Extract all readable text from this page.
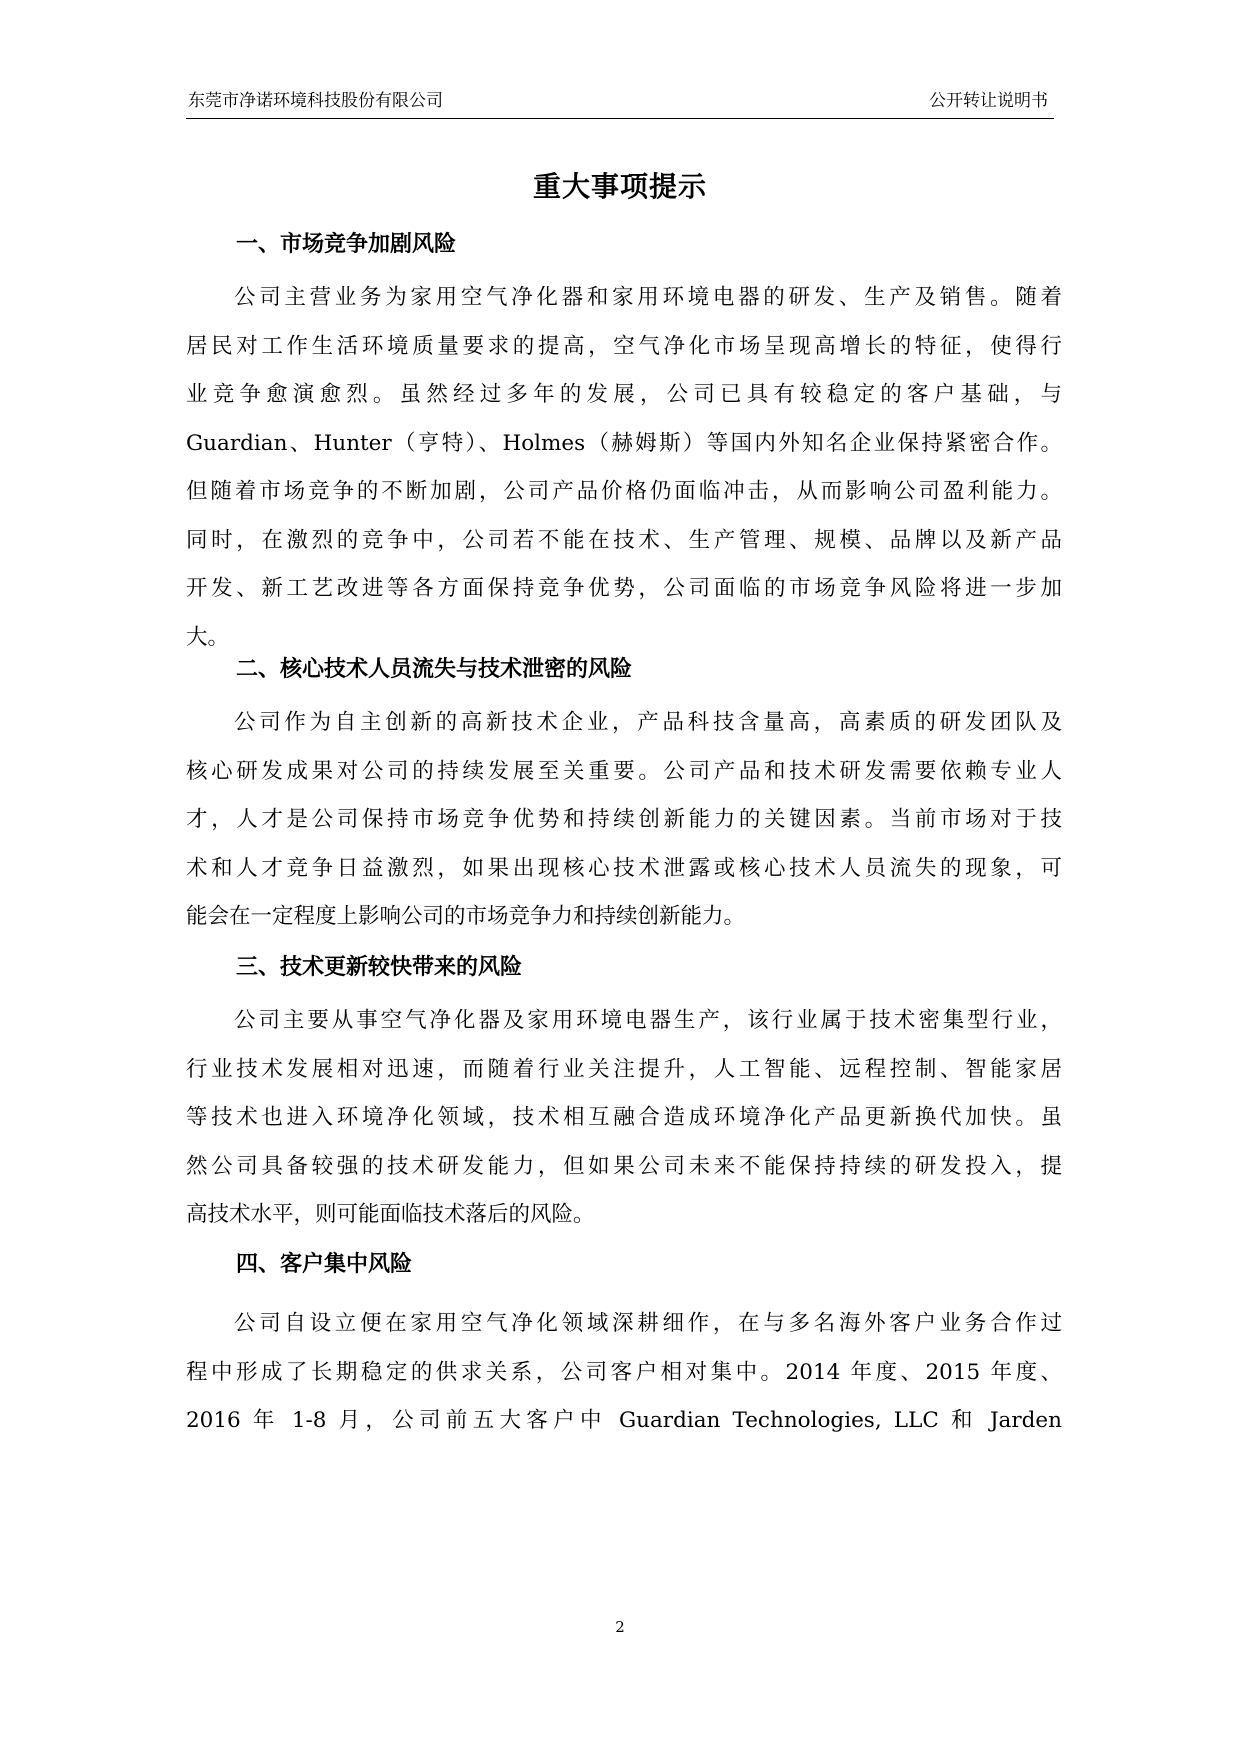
东莞市净诺环境科技股份有限公司	公开转让说明书
重大事项提示
一、市场竞争加剧风险
公司主营业务为家用空气净化器和家用环境电器的研发、生产及销售。随着
居民对工作生活环境质量要求的提高，空气净化市场呈现高增长的特征，使得行
业竞争愈演愈烈。虽然经过多年的发展，公司已具有较稳定的客户基础，与
Guardian、Hunter（亨特）、Holmes（赫姆斯）等国内外知名企业保持紧密合作。
但随着市场竞争的不断加剧，公司产品价格仍面临冲击，从而影响公司盈利能力。
同时，在激烈的竞争中，公司若不能在技术、生产管理、规模、品牌以及新产品
开发、新工艺改进等各方面保持竞争优势，公司面临的市场竞争风险将进一步加
大。
二、核心技术人员流失与技术泄密的风险
公司作为自主创新的高新技术企业，产品科技含量高，高素质的研发团队及
核心研发成果对公司的持续发展至关重要。公司产品和技术研发需要依赖专业人
才，人才是公司保持市场竞争优势和持续创新能力的关键因素。当前市场对于技
术和人才竞争日益激烈，如果出现核心技术泄露或核心技术人员流失的现象，可
能会在一定程度上影响公司的市场竞争力和持续创新能力。
三、技术更新较快带来的风险
公司主要从事空气净化器及家用环境电器生产，该行业属于技术密集型行业，
行业技术发展相对迅速，而随着行业关注提升，人工智能、远程控制、智能家居
等技术也进入环境净化领域，技术相互融合造成环境净化产品更新换代加快。虽
然公司具备较强的技术研发能力，但如果公司未来不能保持持续的研发投入，提
高技术水平，则可能面临技术落后的风险。
四、客户集中风险
公司自设立便在家用空气净化领域深耕细作，在与多名海外客户业务合作过
程中形成了长期稳定的供求关系，公司客户相对集中。2014 年度、2015 年度、
2016 年 1-8 月，公司前五大客户中 Guardian Technologies, LLC 和 Jarden
2
